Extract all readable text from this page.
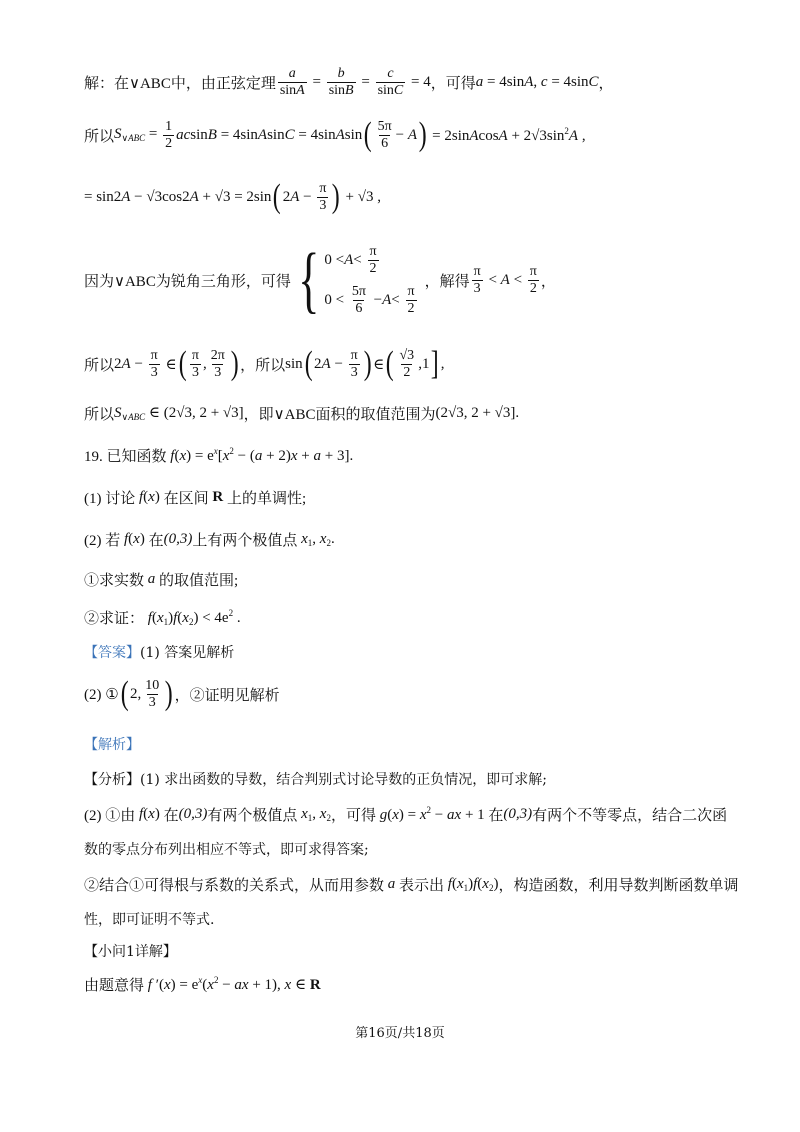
解：在∨ABC中，由正弦定理 $\frac{a}{\sin A} = \frac{b}{\sin B} = \frac{c}{\sin C} = 4$ ，可得 a = 4sinA, c = 4sinC ，
所以 $S_{\vee ABC} = \frac{1}{2}$ acsinB = 4sinAsinC = 4sinAsin ( $\frac{5\pi}{6} - A$ ) = 2sinAcosA + $2√3\sin^2A$ ,
= sin2A − √3cos2A + √3 = 2sin ( $2A - \frac{\pi}{3}$ ) + √3 ,
因为∨ABC为锐角三角形，可得 { $0 < A < \frac{\pi}{2}$
$0 < \frac{5\pi}{6} - A < \frac{\pi}{2}$
，解得 $\frac{\pi}{3} < A < \frac{\pi}{2}$ ，
所以 $2A - \frac{\pi}{3}$ ∈ ( $\frac{\pi}{3}$ , $\frac{2\pi}{3}$ ) ，所以 sin ( $2A - \frac{\pi}{3}$ ) ∈ ( $\frac{√3}{2} ,1$ ] ,
所以 $S_{\vee ABC}$ ∈ (2√3, 2 + √3] ，即∨ABC面积的取值范围为 (2√3, 2 + √3] .
19. 已知函数 $f(x) = e^x[x^2 - (a + 2)x + a + 3]$.
(1) 讨论 f(x) 在区间 R 上的单调性;
(2) 若 f(x) 在 (0,3) 上有两个极值点 $x_1$, $x_2$ .
①求实数 a 的取值范围;
②求证： $f(x_1)f(x_2) < 4e^2$ .
【答案】 (1) 答案见解析
(2) ① ( 2, $\frac{10}{3}$ ) ，②证明见解析
【解析】
【分析】 (1) 求出函数的导数，结合判别式讨论导数的正负情况，即可求解;
(2) ①由 f(x) 在 (0,3) 有两个极值点 $x_1$, $x_2$ ，可得 $g(x) = x^2$ − ax + 1 在 (0,3) 有两个不等零点，结合二次函
数的零点分布列出相应不等式，即可求得答案;
②结合①可得根与系数的关系式，从而用参数 a 表示出 $f(x_1)f(x_2)$ ，构造函数，利用导数判断函数单调
性，即可证明不等式.
【小问1详解】
由题意得 f $'(x) = e^x(x^2$ − ax + 1), x ∈ R
第16页/共18页
